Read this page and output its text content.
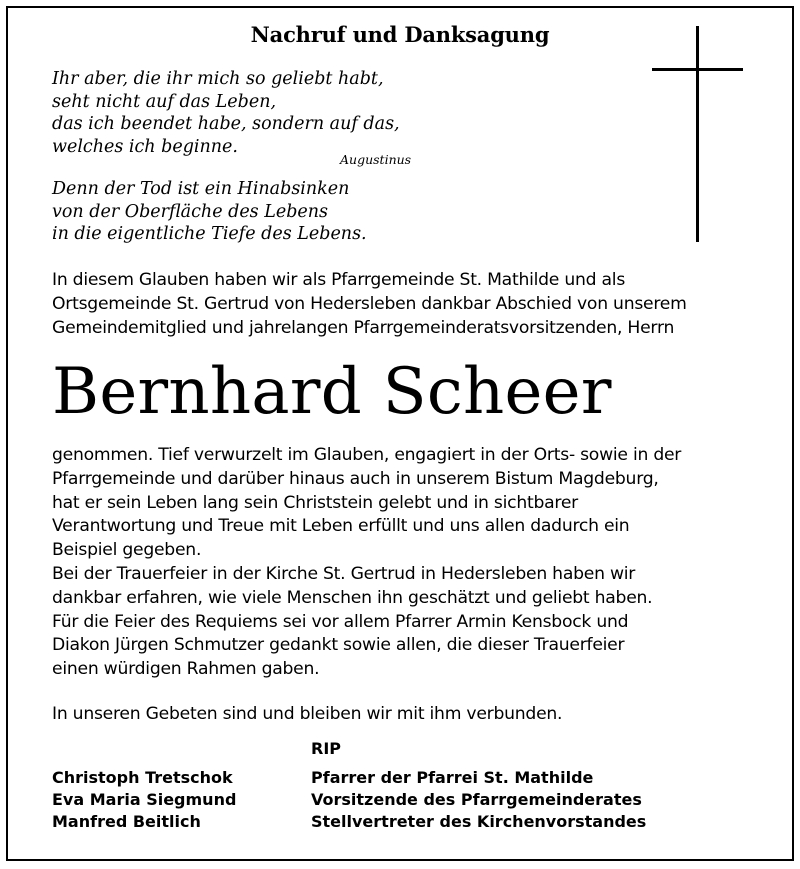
Nachruf und Danksagung
Ihr aber, die ihr mich so geliebt habt,
seht nicht auf das Leben,
das ich beendet habe, sondern auf das,
welches ich beginne.
Augustinus
Denn der Tod ist ein Hinabsinken
von der Oberfläche des Lebens
in die eigentliche Tiefe des Lebens.
In diesem Glauben haben wir als Pfarrgemeinde St. Mathilde und als
Ortsgemeinde St. Gertrud von Hedersleben dankbar Abschied von unserem
Gemeindemitglied und jahrelangen Pfarrgemeinderatsvorsitzenden, Herrn
Bernhard Scheer
genommen. Tief verwurzelt im Glauben, engagiert in der Orts- sowie in der
Pfarrgemeinde und darüber hinaus auch in unserem Bistum Magdeburg,
hat er sein Leben lang sein Christstein gelebt und in sichtbarer
Verantwortung und Treue mit Leben erfüllt und uns allen dadurch ein
Beispiel gegeben.
Bei der Trauerfeier in der Kirche St. Gertrud in Hedersleben haben wir
dankbar erfahren, wie viele Menschen ihn geschätzt und geliebt haben.
Für die Feier des Requiems sei vor allem Pfarrer Armin Kensbock und
Diakon Jürgen Schmutzer gedankt sowie allen, die dieser Trauerfeier
einen würdigen Rahmen gaben.
In unseren Gebeten sind und bleiben wir mit ihm verbunden.
RIP
Christoph Tretschok
Eva Maria Siegmund
Manfred Beitlich
Pfarrer der Pfarrei St. Mathilde
Vorsitzende des Pfarrgemeinderates
Stellvertreter des Kirchenvorstandes
